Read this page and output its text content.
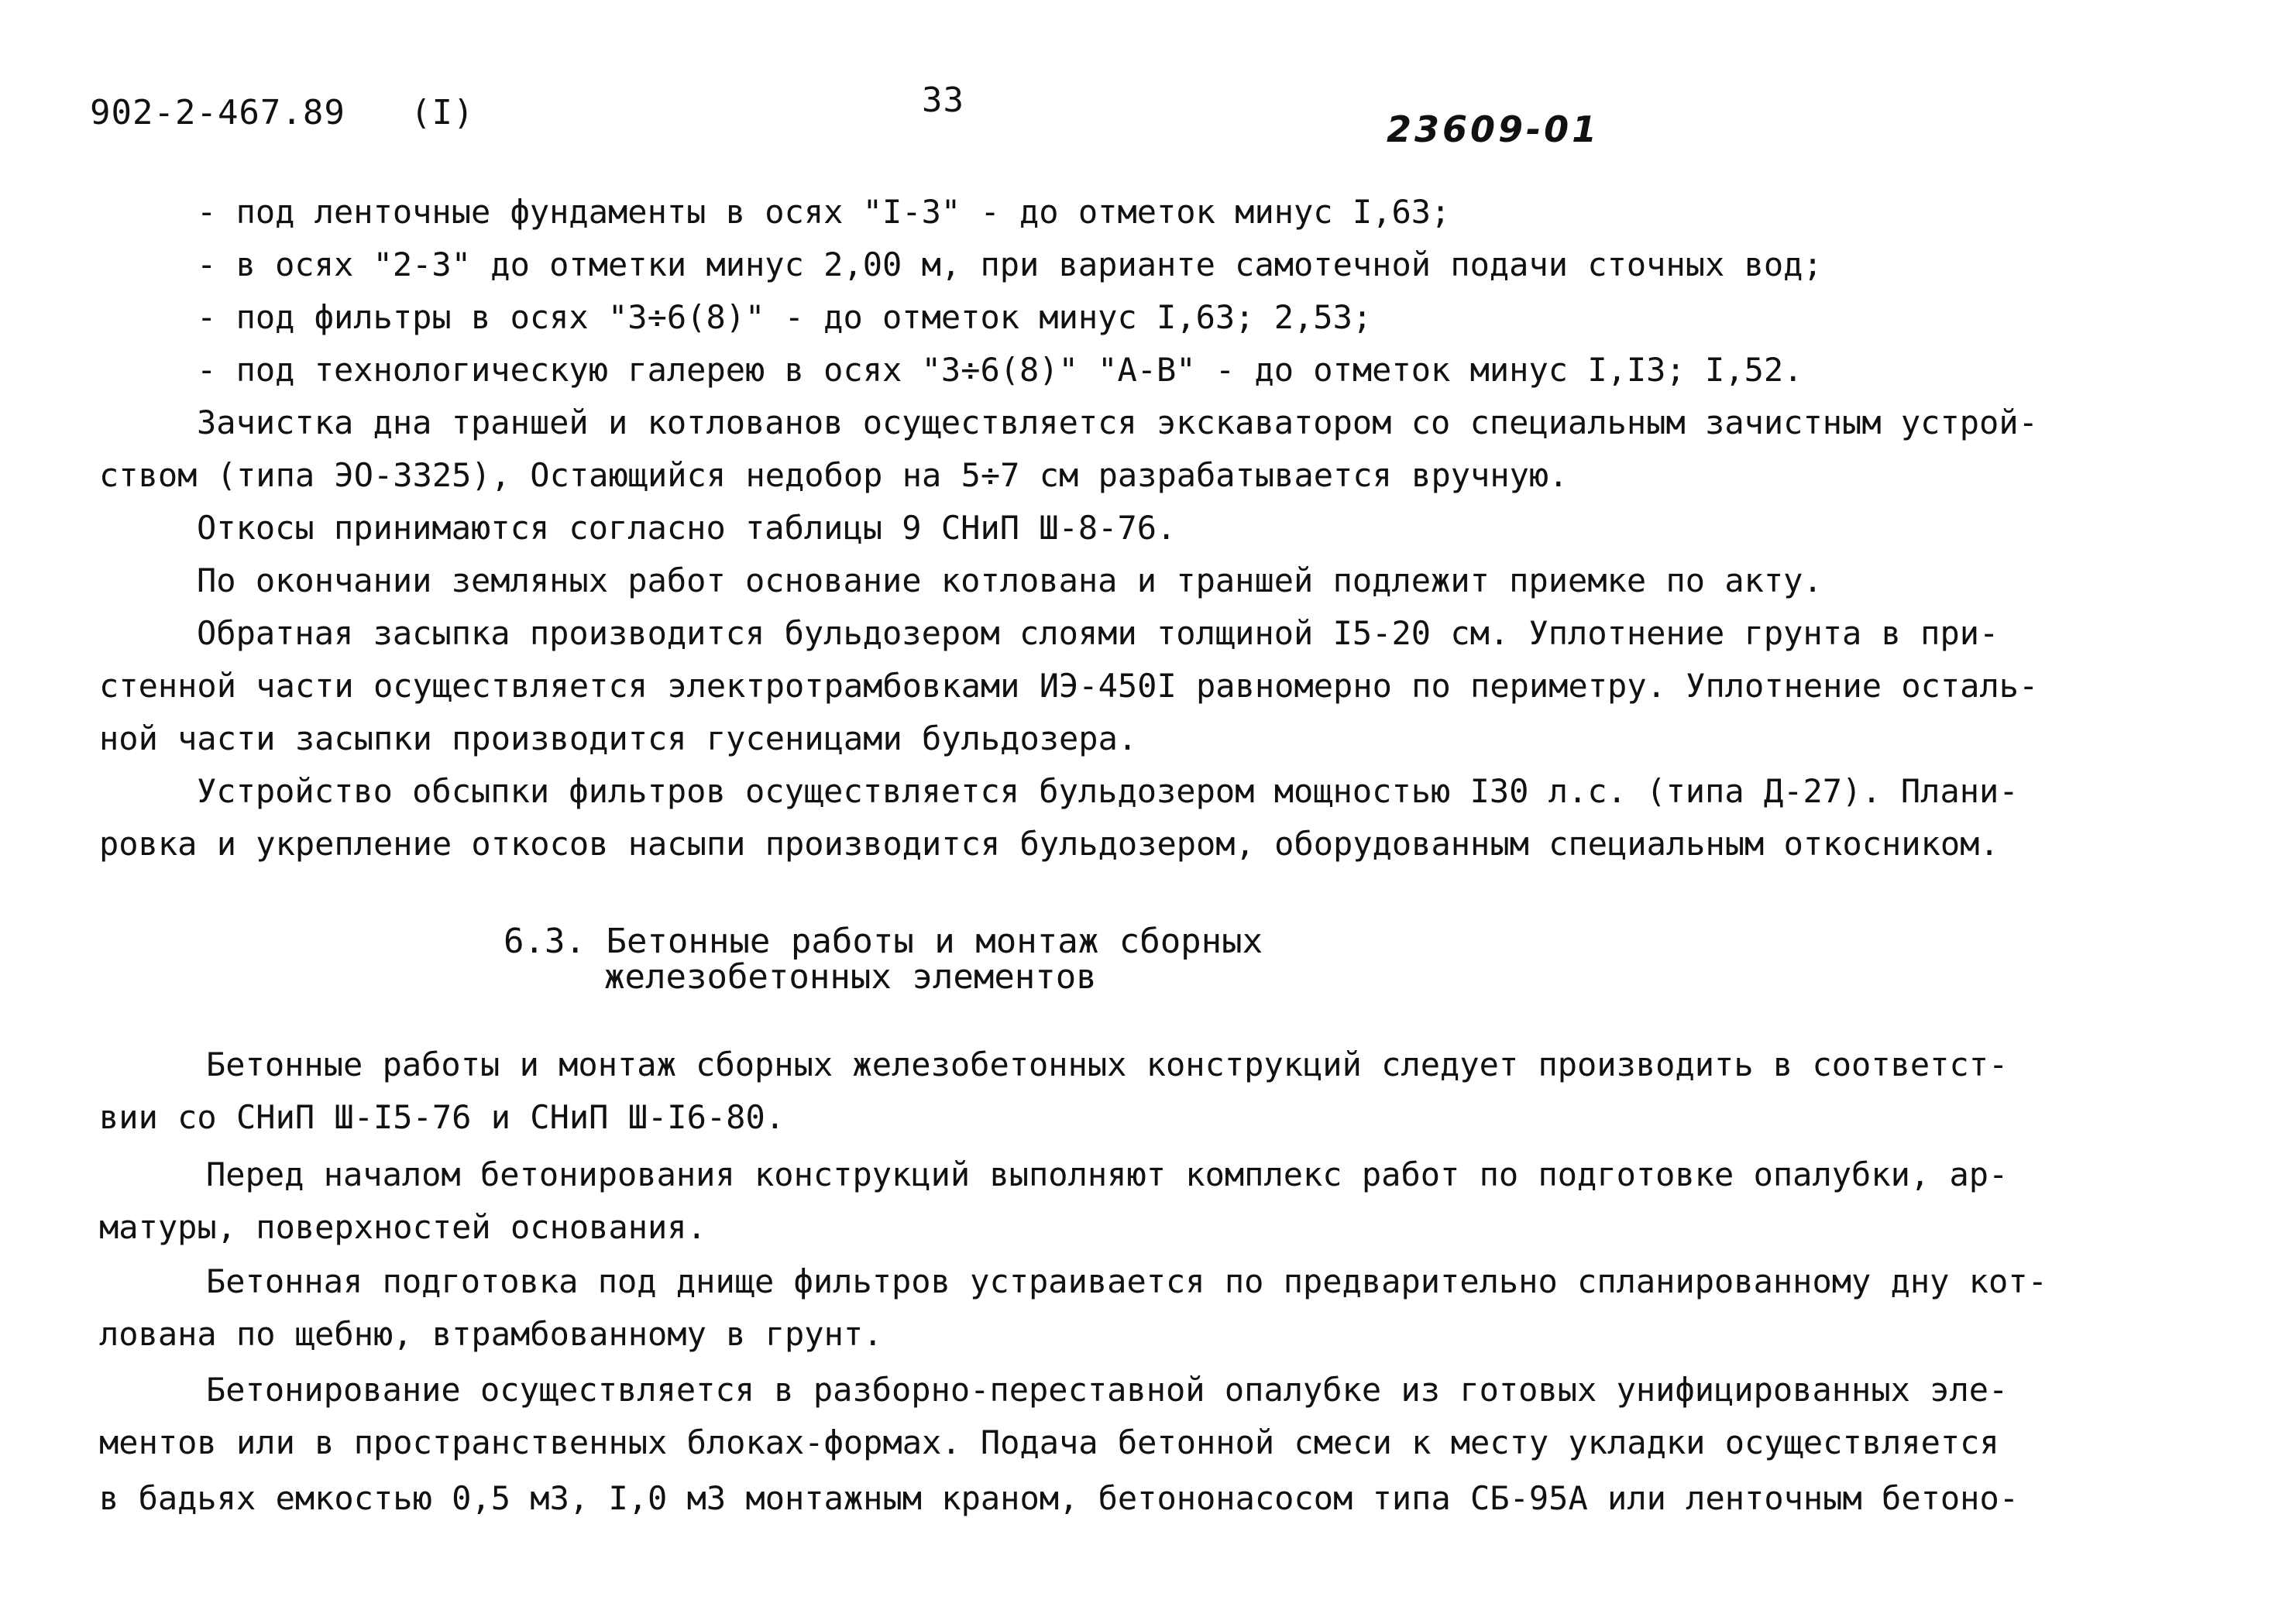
902-2-467.89 (I)	33
23609-01
- под ленточные фундаменты в осях "I-3" - до отметок минус I,63;
- в осях "2-3" до отметки минус 2,00 м, при варианте самотечной подачи сточных вод;
- под фильтры в осях "3÷6(8)" - до отметок минус I,63; 2,53;
- под технологическую галерею в осях "3÷6(8)" "А-В" - до отметок минус I,I3; I,52.
Зачистка дна траншей и котлованов осуществляется экскаватором со специальным зачистным устрой-
ством (типа ЭО-3325), Остающийся недобор на 5÷7 см разрабатывается вручную.
Откосы принимаются согласно таблицы 9 СНиП Ш-8-76.
По окончании земляных работ основание котлована и траншей подлежит приемке по акту.
Обратная засыпка производится бульдозером слоями толщиной I5-20 см. Уплотнение грунта в при-
стенной части осуществляется электротрамбовками ИЭ-450I равномерно по периметру. Уплотнение осталь-
ной части засыпки производится гусеницами бульдозера.
Устройство обсыпки фильтров осуществляется бульдозером мощностью I30 л.с. (типа Д-27). Плани-
ровка и укрепление откосов насыпи производится бульдозером, оборудованным специальным откосником.
6.3. Бетонные работы и монтаж сборных
железобетонных элементов
Бетонные работы и монтаж сборных железобетонных конструкций следует производить в соответст-
вии со СНиП Ш-I5-76 и СНиП Ш-I6-80.
Перед началом бетонирования конструкций выполняют комплекс работ по подготовке опалубки, ар-
матуры, поверхностей основания.
Бетонная подготовка под днище фильтров устраивается по предварительно спланированному дну кот-
лована по щебню, втрамбованному в грунт.
Бетонирование осуществляется в разборно-переставной опалубке из готовых унифицированных эле-
ментов или в пространственных блоках-формах. Подача бетонной смеси к месту укладки осуществляется
в бадьях емкостью 0,5 м3, I,0 м3 монтажным краном, бетононасосом типа СБ-95А или ленточным бетоно-
